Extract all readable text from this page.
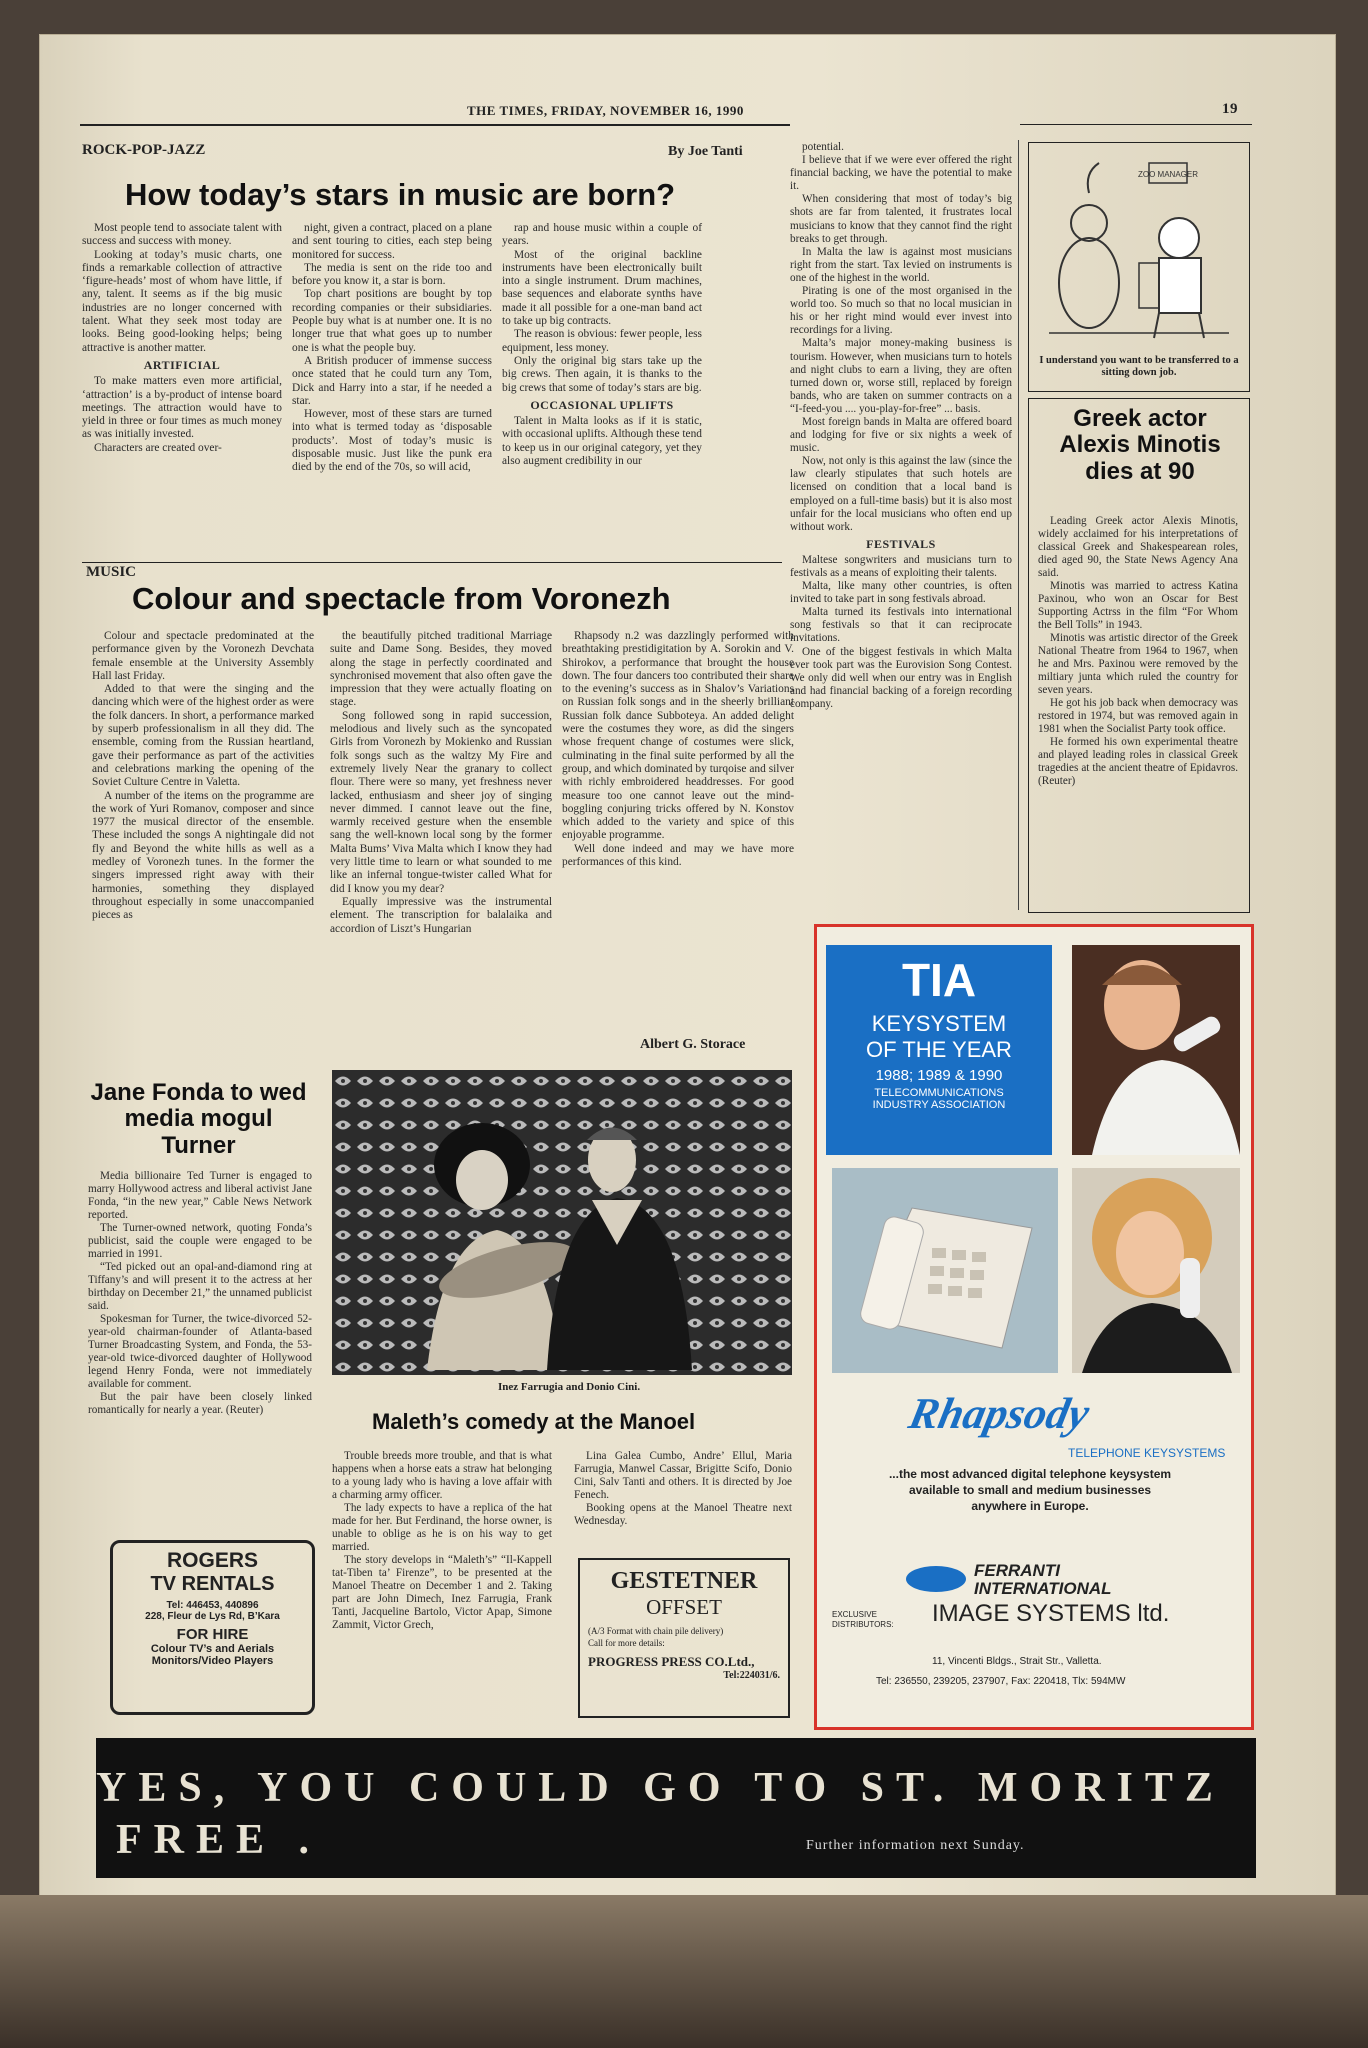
THE TIMES, FRIDAY, NOVEMBER 16, 1990	19
ROCK-POP-JAZZ	By Joe Tanti
How today’s stars in music are born?

Most people tend to associate talent with success and success with money.

Looking at today’s music charts, one finds a remarkable collection of attractive ‘figure-heads’ most of whom have little, if any, talent. It seems as if the big music industries are no longer concerned with talent. What they seek most today are looks. Being good-looking helps; being attractive is another matter.

ARTIFICIAL

To make matters even more artificial, ‘attraction’ is a by-product of intense board meetings. The attraction would have to yield in three or four times as much money as was initially invested.

Characters are created over-

night, given a contract, placed on a plane and sent touring to cities, each step being monitored for success.

The media is sent on the ride too and before you know it, a star is born.

Top chart positions are bought by top recording companies or their subsidiaries. People buy what is at number one. It is no longer true that what goes up to number one is what the people buy.

A British producer of immense success once stated that he could turn any Tom, Dick and Harry into a star, if he needed a star.

However, most of these stars are turned into what is termed today as ‘disposable products’. Most of today’s music is disposable music. Just like the punk era died by the end of the 70s, so will acid,

rap and house music within a couple of years.

Most of the original backline instruments have been electronically built into a single instrument. Drum machines, base sequences and elaborate synths have made it all possible for a one-man band act to take up big contracts.

The reason is obvious: fewer people, less equipment, less money.

Only the original big stars take up the big crews. Then again, it is thanks to the big crews that some of today’s stars are big.

OCCASIONAL UPLIFTS

Talent in Malta looks as if it is static, with occasional uplifts. Although these tend to keep us in our original category, yet they also augment credibility in our

potential.

I believe that if we were ever offered the right financial backing, we have the potential to make it.

When considering that most of today’s big shots are far from talented, it frustrates local musicians to know that they cannot find the right breaks to get through.

In Malta the law is against most musicians right from the start. Tax levied on instruments is one of the highest in the world.

Pirating is one of the most organised in the world too. So much so that no local musician in his or her right mind would ever invest into recordings for a living.

Malta’s major money-making business is tourism. However, when musicians turn to hotels and night clubs to earn a living, they are often turned down or, worse still, replaced by foreign bands, who are taken on summer contracts on a “I-feed-you .... you-play-for-free” ... basis.

Most foreign bands in Malta are offered board and lodging for five or six nights a week of music.

Now, not only is this against the law (since the law clearly stipulates that such hotels are licensed on condition that a local band is employed on a full-time basis) but it is also most unfair for the local musicians who often end up without work.

FESTIVALS

Maltese songwriters and musicians turn to festivals as a means of exploiting their talents.

Malta, like many other countries, is often invited to take part in song festivals abroad.

Malta turned its festivals into international song festivals so that it can reciprocate invitations.

One of the biggest festivals in which Malta ever took part was the Eurovision Song Contest. We only did well when our entry was in English and had financial backing of a foreign recording company.

ZOO MANAGER
I understand you want to be transferred to a sitting down job.
Greek actor Alexis Minotis dies at 90

Leading Greek actor Alexis Minotis, widely acclaimed for his interpretations of classical Greek and Shakespearean roles, died aged 90, the State News Agency Ana said.

Minotis was married to actress Katina Paxinou, who won an Oscar for Best Supporting Actrss in the film “For Whom the Bell Tolls” in 1943.

Minotis was artistic director of the Greek National Theatre from 1964 to 1967, when he and Mrs. Paxinou were removed by the miltiary junta which ruled the country for seven years.

He got his job back when democracy was restored in 1974, but was removed again in 1981 when the Socialist Party took office.

He formed his own experimental theatre and played leading roles in classical Greek tragedies at the ancient theatre of Epidavros. (Reuter)

MUSIC
Colour and spectacle from Voronezh

Colour and spectacle predominated at the performance given by the Voronezh Devchata female ensemble at the University Assembly Hall last Friday.

Added to that were the singing and the dancing which were of the highest order as were the folk dancers. In short, a performance marked by superb professionalism in all they did. The ensemble, coming from the Russian heartland, gave their performance as part of the activities and celebrations marking the opening of the Soviet Culture Centre in Valetta.

A number of the items on the programme are the work of Yuri Romanov, composer and since 1977 the musical director of the ensemble. These included the songs A nightingale did not fly and Beyond the white hills as well as a medley of Voronezh tunes. In the former the singers impressed right away with their harmonies, something they displayed throughout especially in some unaccompanied pieces as

the beautifully pitched traditional Marriage suite and Dame Song. Besides, they moved along the stage in perfectly coordinated and synchronised movement that also often gave the impression that they were actually floating on stage.

Song followed song in rapid succession, melodious and lively such as the syncopated Girls from Voronezh by Mokienko and Russian folk songs such as the waltzy My Fire and extremely lively Near the granary to collect flour. There were so many, yet freshness never lacked, enthusiasm and sheer joy of singing never dimmed. I cannot leave out the fine, warmly received gesture when the ensemble sang the well-known local song by the former Malta Bums’ Viva Malta which I know they had very little time to learn or what sounded to me like an infernal tongue-twister called What for did I know you my dear?

Equally impressive was the instrumental element. The transcription for balalaika and accordion of Liszt’s Hungarian

Rhapsody n.2 was dazzlingly performed with breathtaking prestidigitation by A. Sorokin and V. Shirokov, a performance that brought the house down. The four dancers too contributed their share to the evening’s success as in Shalov’s Variations on Russian folk songs and in the sheerly brilliant Russian folk dance Subboteya. An added delight were the costumes they wore, as did the singers whose frequent change of costumes were slick, culminating in the final suite performed by all the group, and which dominated by turqoise and silver with richly embroidered headdresses. For good measure too one cannot leave out the mind-boggling conjuring tricks offered by N. Konstov which added to the variety and spice of this enjoyable programme.

Well done indeed and may we have more performances of this kind.

Albert G. Storace
Jane Fonda to wed media mogul Turner

Media billionaire Ted Turner is engaged to marry Hollywood actress and liberal activist Jane Fonda, “in the new year,” Cable News Network reported.

The Turner-owned network, quoting Fonda’s publicist, said the couple were engaged to be married in 1991.

“Ted picked out an opal-and-diamond ring at Tiffany’s and will present it to the actress at her birthday on December 21,” the unnamed publicist said.

Spokesman for Turner, the twice-divorced 52-year-old chairman-founder of Atlanta-based Turner Broadcasting System, and Fonda, the 53-year-old twice-divorced daughter of Hollywood legend Henry Fonda, were not immediately available for comment.

But the pair have been closely linked romantically for nearly a year. (Reuter)

Inez Farrugia and Donio Cini.
Maleth’s comedy at the Manoel

Trouble breeds more trouble, and that is what happens when a horse eats a straw hat belonging to a young lady who is having a love affair with a charming army officer.

The lady expects to have a replica of the hat made for her. But Ferdinand, the horse owner, is unable to oblige as he is on his way to get married.

The story develops in “Maleth’s” “Il-Kappell tat-Tiben ta’ Firenze”, to be presented at the Manoel Theatre on December 1 and 2. Taking part are John Dimech, Inez Farrugia, Frank Tanti, Jacqueline Bartolo, Victor Apap, Simone Zammit, Victor Grech,

Lina Galea Cumbo, Andre’ Ellul, Maria Farrugia, Manwel Cassar, Brigitte Scifo, Donio Cini, Salv Tanti and others. It is directed by Joe Fenech.

Booking opens at the Manoel Theatre next Wednesday.

ROGERS
TV RENTALS
Tel: 446453, 440896
228, Fleur de Lys Rd, B’Kara
FOR HIRE
Colour TV’s and Aerials
Monitors/Video Players
GESTETNER
OFFSET
(A/3 Format with chain pile delivery)
Call for more details:
PROGRESS PRESS CO.Ltd.,
Tel:224031/6.
TIA
KEYSYSTEM
OF THE YEAR
1988; 1989 & 1990
TELECOMMUNICATIONS
INDUSTRY ASSOCIATION
Rhapsody
TELEPHONE KEYSYSTEMS
...the most advanced digital telephone keysystem available to small and medium businesses anywhere in Europe.
FERRANTI
INTERNATIONAL
EXCLUSIVE DISTRIBUTORS:	IMAGE SYSTEMS ltd.
11, Vincenti Bldgs., Strait Str., Valletta.
Tel: 236550, 239205, 237907, Fax: 220418, Tlx: 594MW
YES, YOU COULD GO TO ST. MORITZ
FREE .	Further information next Sunday.
